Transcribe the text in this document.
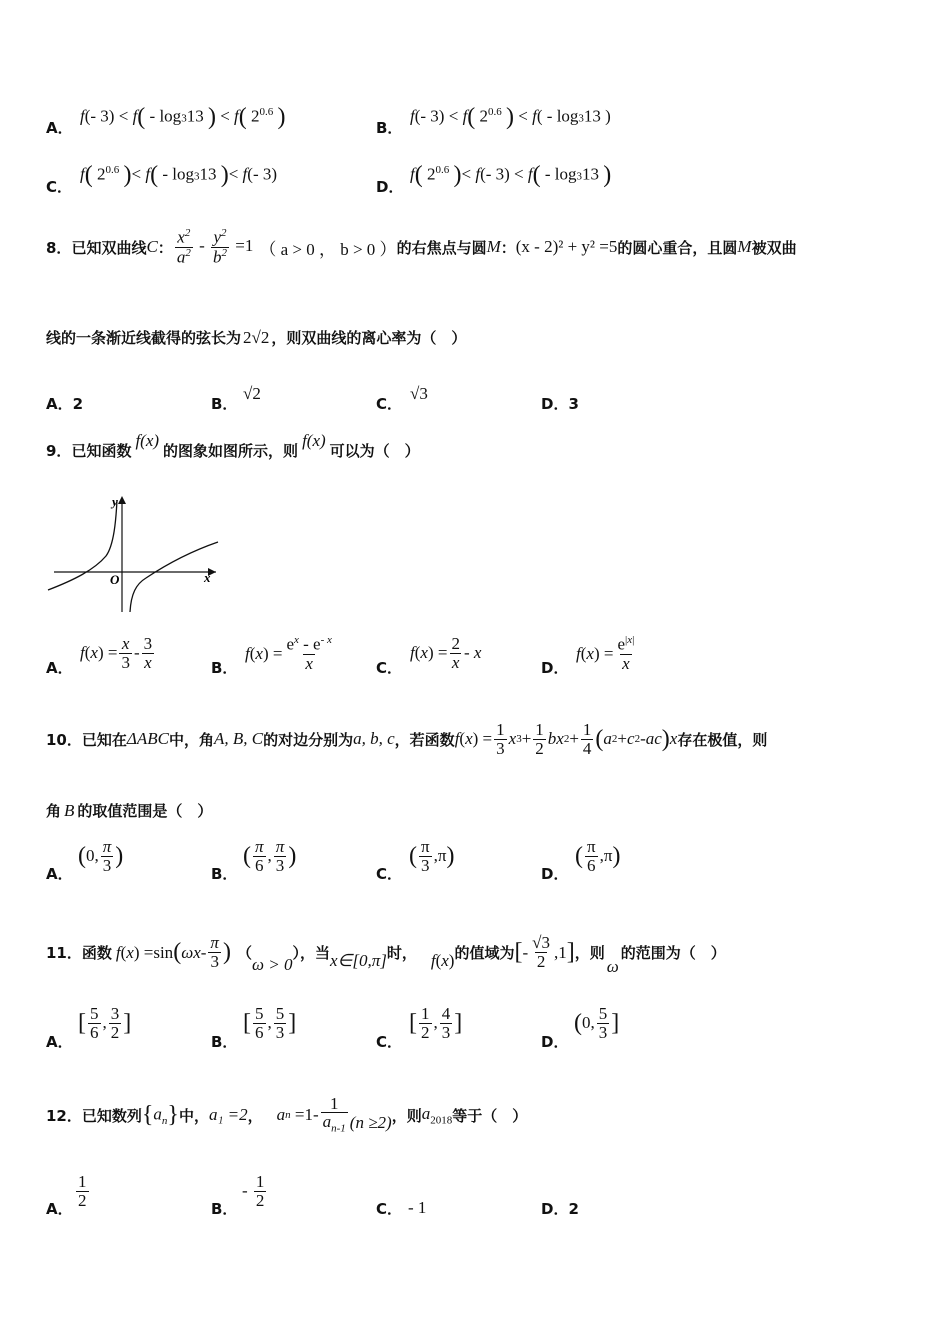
A．
f(- 3) < f( - log313 ) < f( $2^{0.6}$ )	B．
f(- 3) < f( $2^{0.6}$ ) < f( - log313 )
C．
f( $2^{0.6}$ )< f( - log313 )< f(- 3)
D．
f( $2^{0.6}$ )< f(- 3) < f( - log313 )
8． 已知双曲线 C ： $\frac{x^2}{a^2} - \frac{y^2}{b^2} =1$ （ a > 0 ， b > 0 ） 的右焦点与圆 M ： (x ‑ 2)² + y² =5 的圆心重合，且圆 M 被双曲
线的一条渐近线截得的弦长为 2√2 ，则双曲线的离心率为（　）
A．2	B．
√2
C．
√3
D．3
9． 已知函数
f(x)
的图象如图所示，则
f(x)
可以为（　）
y
x
O
A．
f ( x ) = $\frac{x}{3} - \frac{3}{x}$	B．
f ( x ) = $\frac{e^x - e^{- x}}{x}$	C．
f ( x ) = $\frac{2}{x}$ - x
D．
f ( x ) = $\frac{e^{|x|}}{x}$
10． 已知在 ΔABC 中，角 A, B, C 的对边分别为 a, b, c ，若函数 f ( x ) = $\frac{1}{3}$ x $3 + \frac{1}{2}$ bx $2 + \frac{1}{4}$ ( a 2 + c 2 - ac ) x 存在极值，则
角 B 的取值范围是（　）
A．
( 0, $\frac{\pi}{3}$ )
B．
( $\frac{\pi}{6}$ , $\frac{\pi}{3}$ )
C．
( $\frac{\pi}{3} ,\pi$ )
D．
( $\frac{\pi}{6} ,\pi$ )
11． 函数 f ( x ) =sin ( ωx - $\frac{\pi}{3}$ ) （
ω > 0
），当 x∈[0,π] 时， f(x) 的值域为 [ - $\frac{√3}{2} ,1$ ] ，则
ω
的范围为（　）
A．
[ $\frac{5}{6}$ , $\frac{3}{2}$ ]
B．
[ $\frac{5}{6}$ , $\frac{5}{3}$ ]
C．
[ $\frac{1}{2}$ , $\frac{4}{3}$ ]
D．
( 0, $\frac{5}{3}$ ]
12． 已知数列 $\{a_n\}$ 中， a₁ =2 ， a $n =1- \frac{1}{a_{n-1}} (n \ge 2)$ ，则 $a_{2018}$ 等于（　）
A． $\frac{1}{2}$	B．
- $\frac{1}{2}$	C． ‑ 1	D．2
